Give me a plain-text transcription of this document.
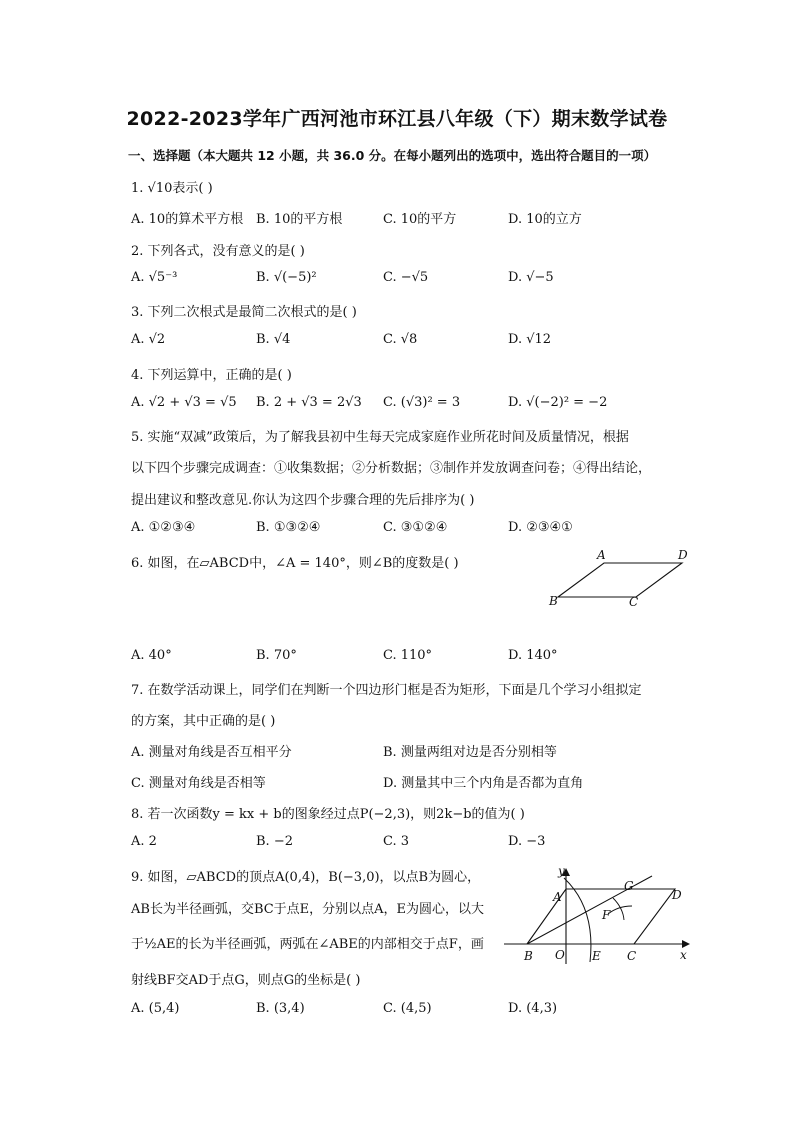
2022-2023学年广西河池市环江县八年级（下）期末数学试卷
一、选择题（本大题共 12 小题，共 36.0 分。在每小题列出的选项中，选出符合题目的一项）
1. √10表示( )
A. 10的算术平方根 B. 10的平方根	C. 10的平方	D. 10的立方
2. 下列各式，没有意义的是( )
A. √5⁻³	B. √(−5)²	C. −√5	D. √−5
3. 下列二次根式是最简二次根式的是( )
A. √2	B. √4	C. √8	D. √12
4. 下列运算中，正确的是( )
A. √2 + √3 = √5 B. 2 + √3 = 2√3 C. (√3)² = 3	D. √(−2)² = −2
5. 实施“双减”政策后，为了解我县初中生每天完成家庭作业所花时间及质量情况，根据
以下四个步骤完成调查：①收集数据；②分析数据；③制作并发放调查问卷；④得出结论，
提出建议和整改意见.你认为这四个步骤合理的先后排序为( )
A. ①②③④	B. ①③②④	C. ③①②④	D. ②③④①
6. 如图，在▱ABCD中，∠A = 140°，则∠B的度数是( )
A	D
B	C
A. 40°	B. 70°	C. 110°	D. 140°
7. 在数学活动课上，同学们在判断一个四边形门框是否为矩形，下面是几个学习小组拟定
的方案，其中正确的是( )
A. 测量对角线是否互相平分	B. 测量两组对边是否分别相等
C. 测量对角线是否相等	D. 测量其中三个内角是否都为直角
8. 若一次函数y = kx + b的图象经过点P(−2,3)，则2k−b的值为( )
A. 2	B. −2	C. 3	D. −3
9. 如图，▱ABCD的顶点A(0,4)，B(−3,0)，以点B为圆心，
AB长为半径画弧，交BC于点E，分别以点A，E为圆心，以大
于½AE的长为半径画弧，两弧在∠ABE的内部相交于点F，画
射线BF交AD于点G，则点G的坐标是( )
y
A
G
D
F
B O E C	x
A. (5,4)	B. (3,4)	C. (4,5)	D. (4,3)
